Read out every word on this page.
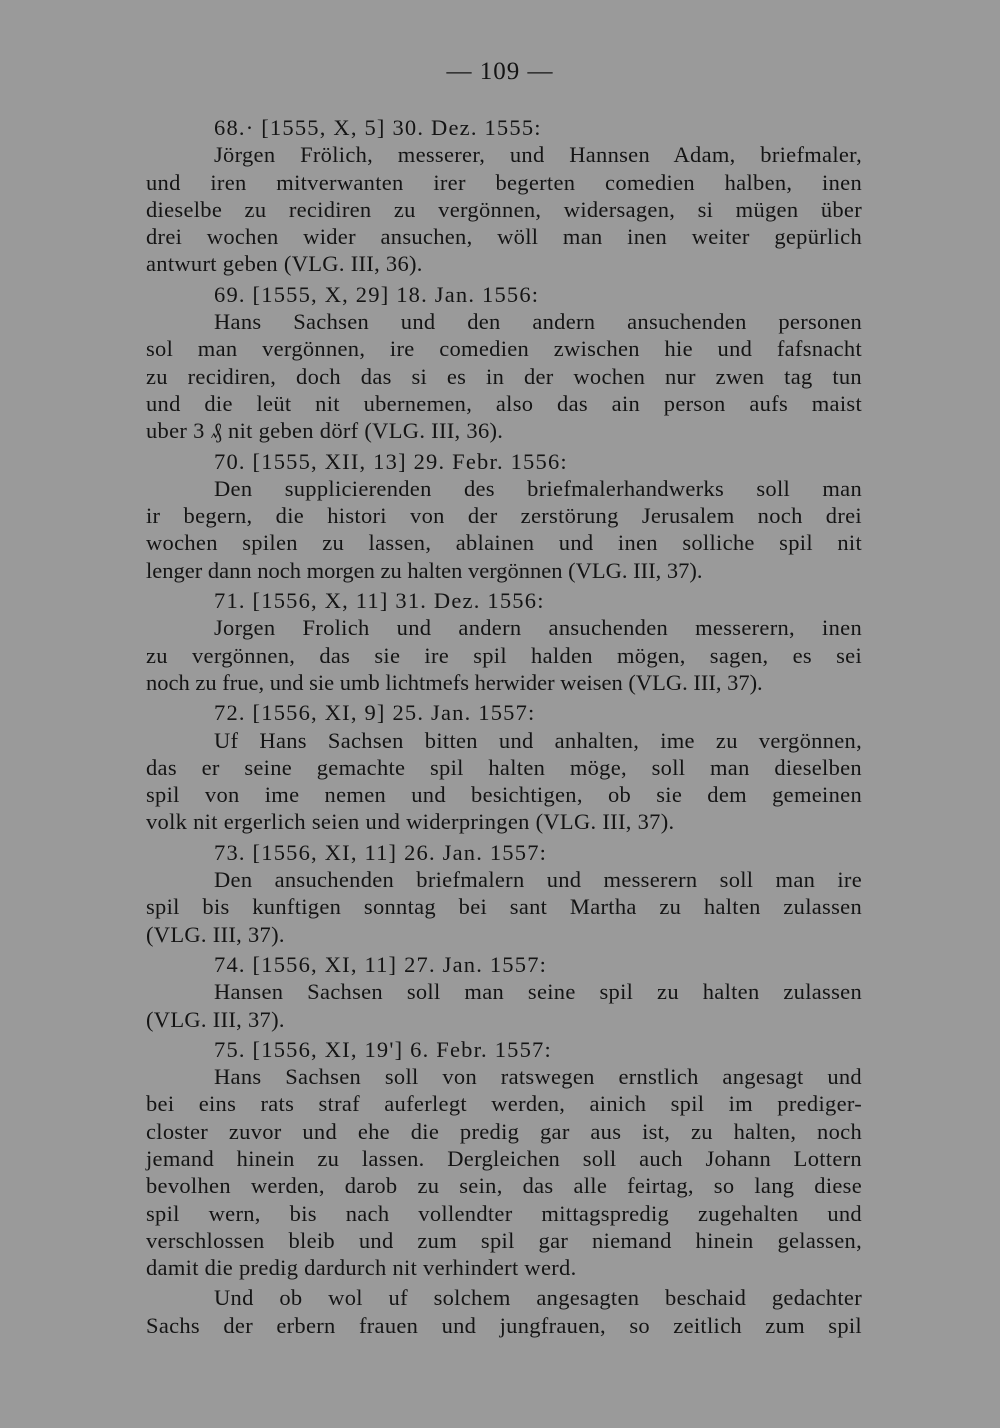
— 109 —
68.· [1555, X, 5] 30. Dez. 1555:
Jörgen Frölich, messerer, und Hannsen Adam, briefmaler,
und iren mitverwanten irer begerten comedien halben, inen
dieselbe zu recidiren zu vergönnen, widersagen, si mügen über
drei wochen wider ansuchen, wöll man inen weiter gepürlich
antwurt geben (VLG. III, 36).
69. [1555, X, 29] 18. Jan. 1556:
Hans Sachsen und den andern ansuchenden personen
sol man vergönnen, ire comedien zwischen hie und fafsnacht
zu recidiren, doch das si es in der wochen nur zwen tag tun
und die leüt nit ubernemen, also das ain person aufs maist
uber 3 ₰ nit geben dörf (VLG. III, 36).
70. [1555, XII, 13] 29. Febr. 1556:
Den supplicierenden des briefmalerhandwerks soll man
ir begern, die histori von der zerstörung Jerusalem noch drei
wochen spilen zu lassen, ablainen und inen solliche spil nit
lenger dann noch morgen zu halten vergönnen (VLG. III, 37).
71. [1556, X, 11] 31. Dez. 1556:
Jorgen Frolich und andern ansuchenden messerern, inen
zu vergönnen, das sie ire spil halden mögen, sagen, es sei
noch zu frue, und sie umb lichtmefs herwider weisen (VLG. III, 37).
72. [1556, XI, 9] 25. Jan. 1557:
Uf Hans Sachsen bitten und anhalten, ime zu vergönnen,
das er seine gemachte spil halten möge, soll man dieselben
spil von ime nemen und besichtigen, ob sie dem gemeinen
volk nit ergerlich seien und widerpringen (VLG. III, 37).
73. [1556, XI, 11] 26. Jan. 1557:
Den ansuchenden briefmalern und messerern soll man ire
spil bis kunftigen sonntag bei sant Martha zu halten zulassen
(VLG. III, 37).
74. [1556, XI, 11] 27. Jan. 1557:
Hansen Sachsen soll man seine spil zu halten zulassen
(VLG. III, 37).
75. [1556, XI, 19'] 6. Febr. 1557:
Hans Sachsen soll von ratswegen ernstlich angesagt und
bei eins rats straf auferlegt werden, ainich spil im prediger-
closter zuvor und ehe die predig gar aus ist, zu halten, noch
jemand hinein zu lassen. Dergleichen soll auch Johann Lottern
bevolhen werden, darob zu sein, das alle feirtag, so lang diese
spil wern, bis nach vollendter mittagspredig zugehalten und
verschlossen bleib und zum spil gar niemand hinein gelassen,
damit die predig dardurch nit verhindert werd.
Und ob wol uf solchem angesagten beschaid gedachter
Sachs der erbern frauen und jungfrauen, so zeitlich zum spil
